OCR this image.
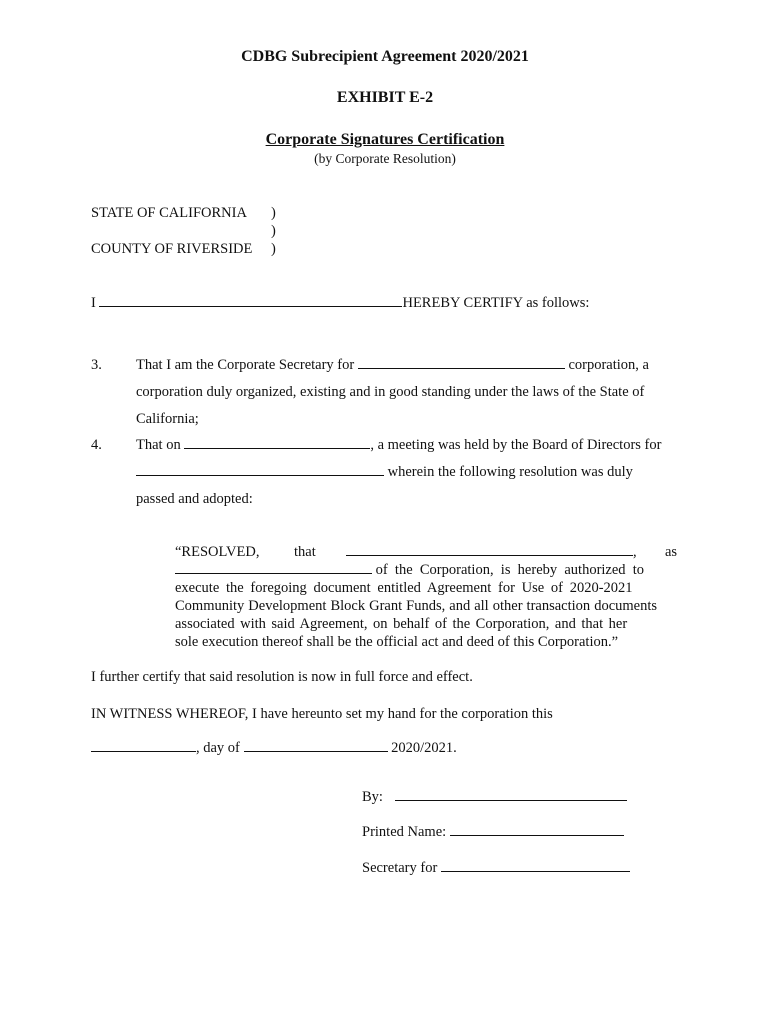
CDBG Subrecipient Agreement 2020/2021
EXHIBIT E-2
Corporate Signatures Certification
(by Corporate Resolution)
STATE OF CALIFORNIA )
)
COUNTY OF RIVERSIDE )
I	HEREBY CERTIFY as follows:
3. That I am the Corporate Secretary for	corporation, a
corporation duly organized, existing and in good standing under the laws of the State of
California;
4. That on	, a meeting was held by the Board of Directors for
wherein the following resolution was duly
passed and adopted:
“RESOLVED, that	, as
of the Corporation, is hereby authorized to
execute the foregoing document entitled Agreement for Use of 2020-2021
Community Development Block Grant Funds, and all other transaction documents
associated with said Agreement, on behalf of the Corporation, and that her
sole execution thereof shall be the official act and deed of this Corporation.”
I further certify that said resolution is now in full force and effect.
IN WITNESS WHEREOF, I have hereunto set my hand for the corporation this
, day of	2020/2021.
By:
Printed Name:
Secretary for
